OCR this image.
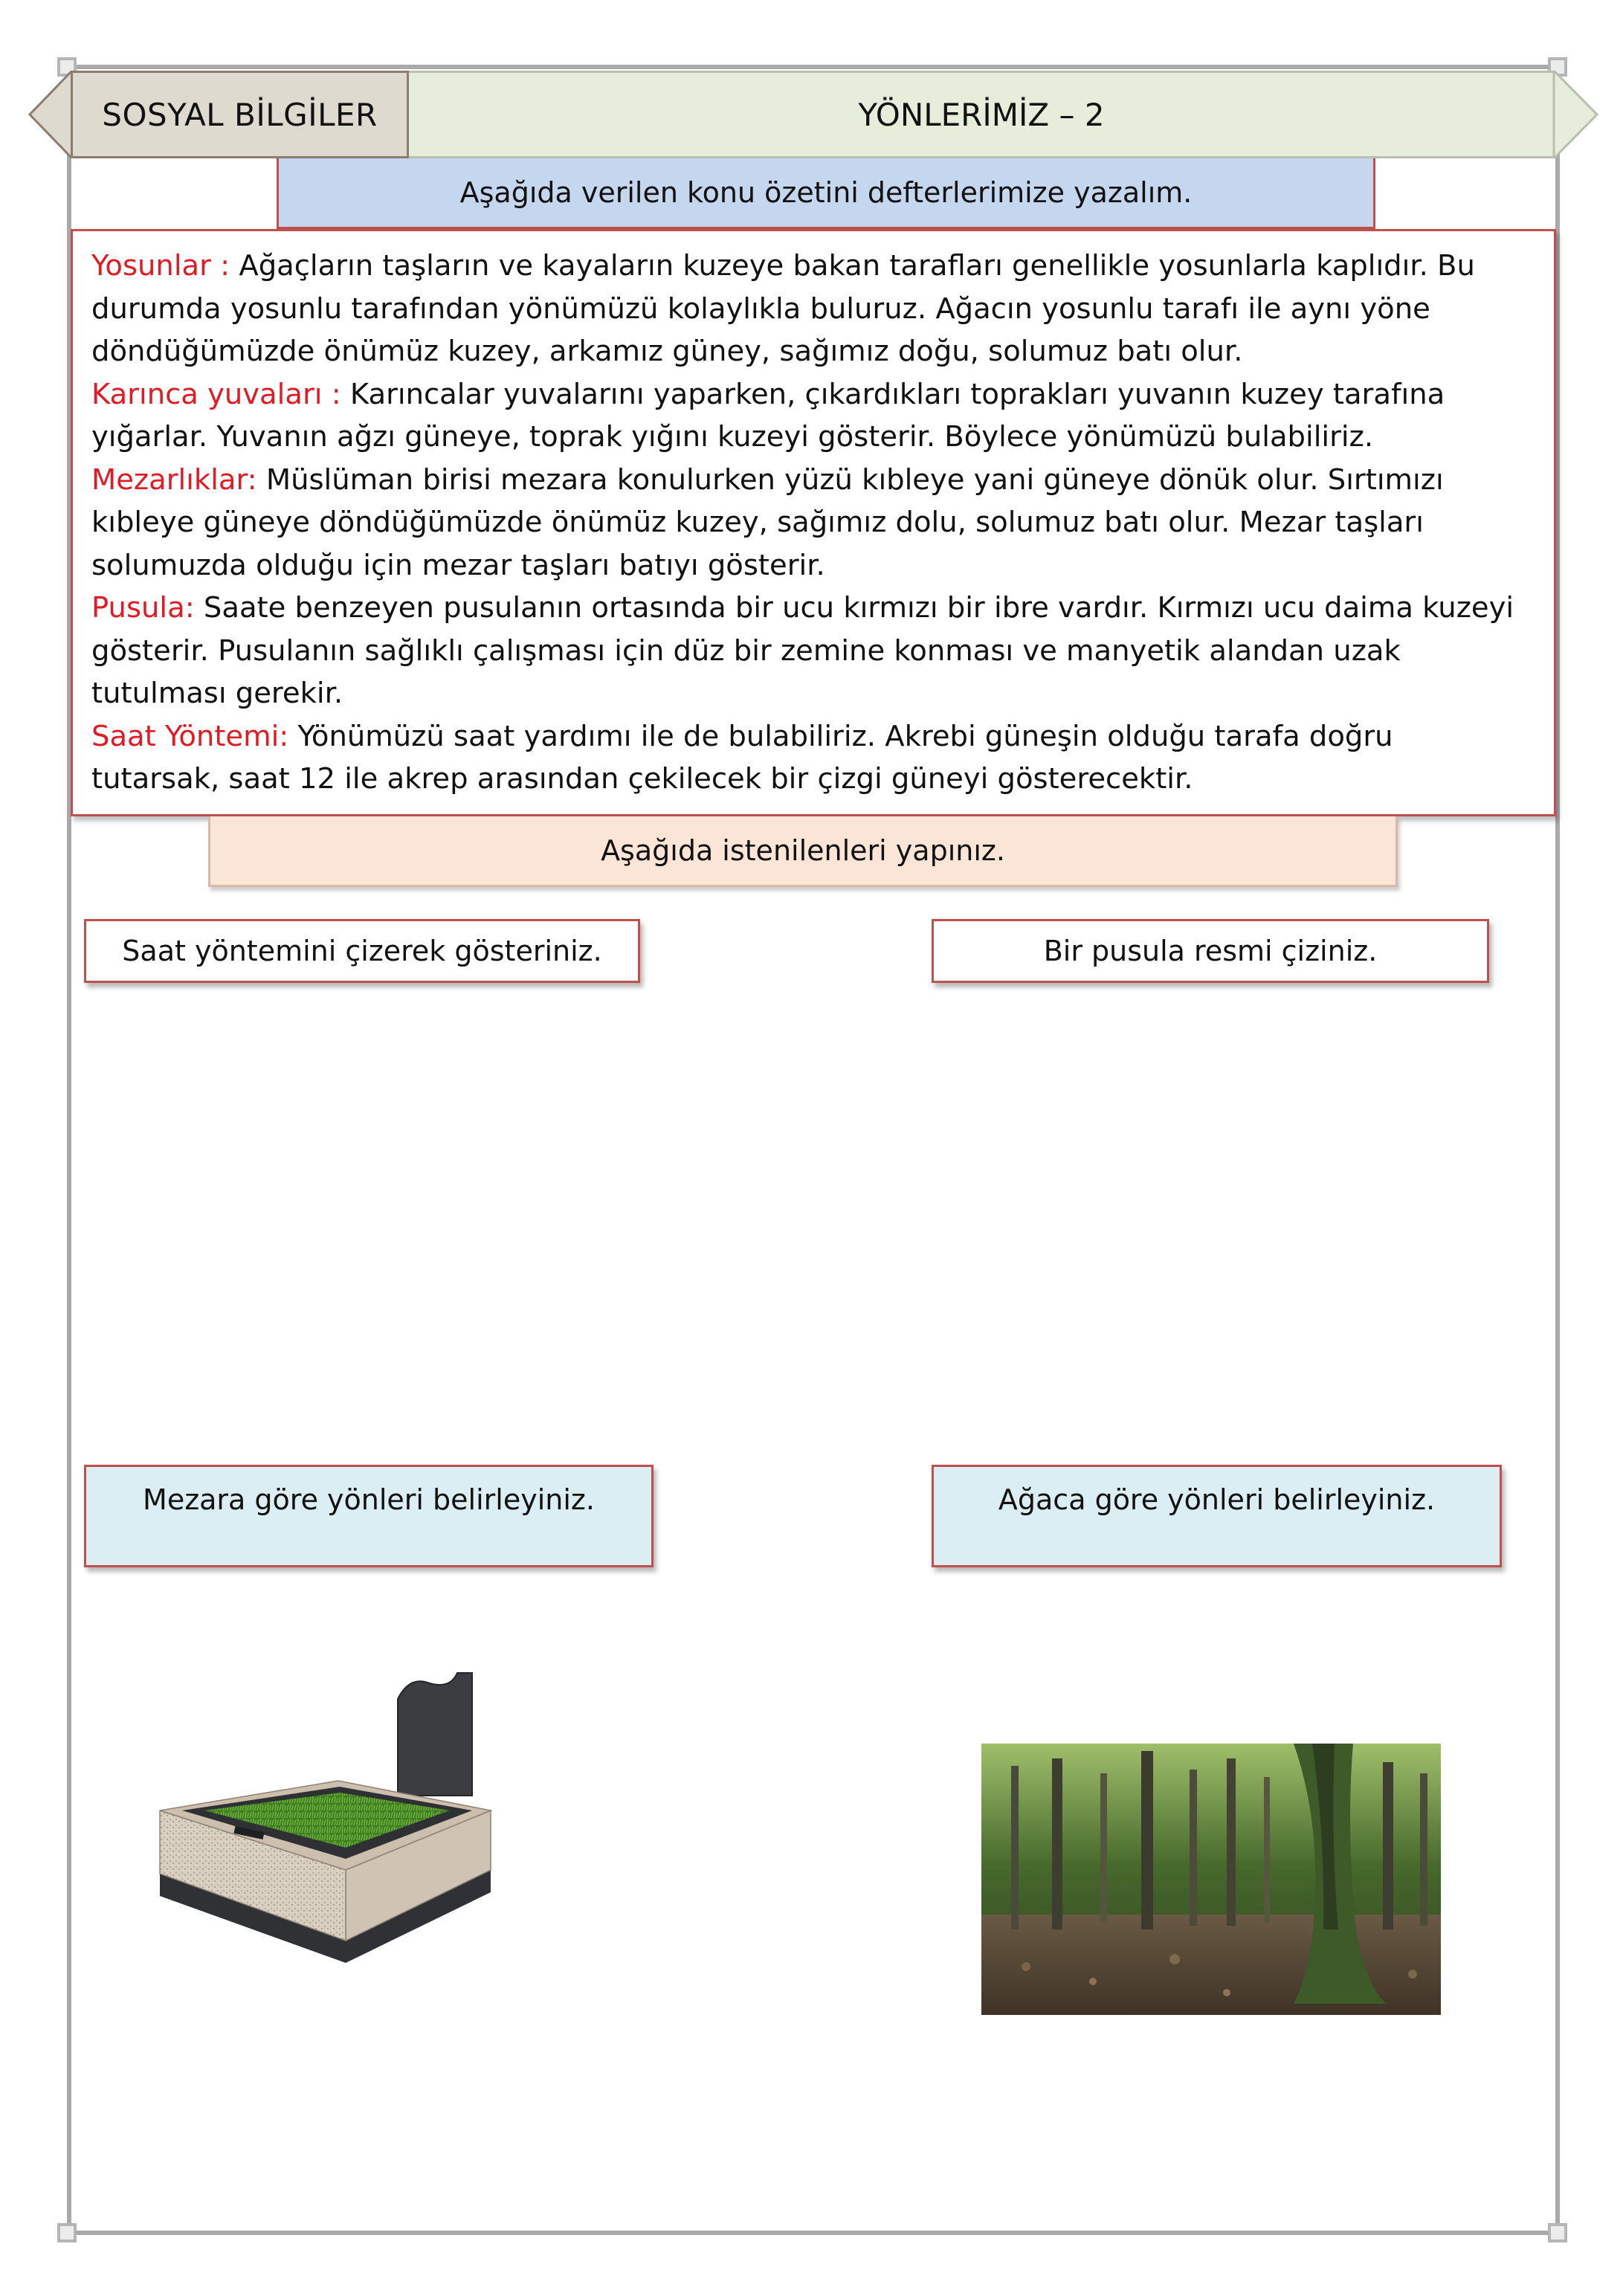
SOSYAL BİLGİLER	YÖNLERİMİZ – 2
Aşağıda verilen konu özetini defterlerimize yazalım.

Yosunlar : Ağaçların taşların ve kayaların kuzeye bakan tarafları genellikle yosunlarla kaplıdır. Bu

durumda yosunlu tarafından yönümüzü kolaylıkla buluruz. Ağacın yosunlu tarafı ile aynı yöne

döndüğümüzde önümüz kuzey, arkamız güney, sağımız doğu, solumuz batı olur.

Karınca yuvaları : Karıncalar yuvalarını yaparken, çıkardıkları toprakları yuvanın kuzey tarafına

yığarlar. Yuvanın ağzı güneye, toprak yığını kuzeyi gösterir. Böylece yönümüzü bulabiliriz.

Mezarlıklar: Müslüman birisi mezara konulurken yüzü kıbleye yani güneye dönük olur. Sırtımızı

kıbleye güneye döndüğümüzde önümüz kuzey, sağımız dolu, solumuz batı olur. Mezar taşları

solumuzda olduğu için mezar taşları batıyı gösterir.

Pusula: Saate benzeyen pusulanın ortasında bir ucu kırmızı bir ibre vardır. Kırmızı ucu daima kuzeyi

gösterir. Pusulanın sağlıklı çalışması için düz bir zemine konması ve manyetik alandan uzak

tutulması gerekir.

Saat Yöntemi: Yönümüzü saat yardımı ile de bulabiliriz. Akrebi güneşin olduğu tarafa doğru

tutarsak, saat 12 ile akrep arasından çekilecek bir çizgi güneyi gösterecektir.

Aşağıda istenilenleri yapınız.
Saat yöntemini çizerek gösteriniz.	Bir pusula resmi çiziniz.
Mezara göre yönleri belirleyiniz.	Ağaca göre yönleri belirleyiniz.
